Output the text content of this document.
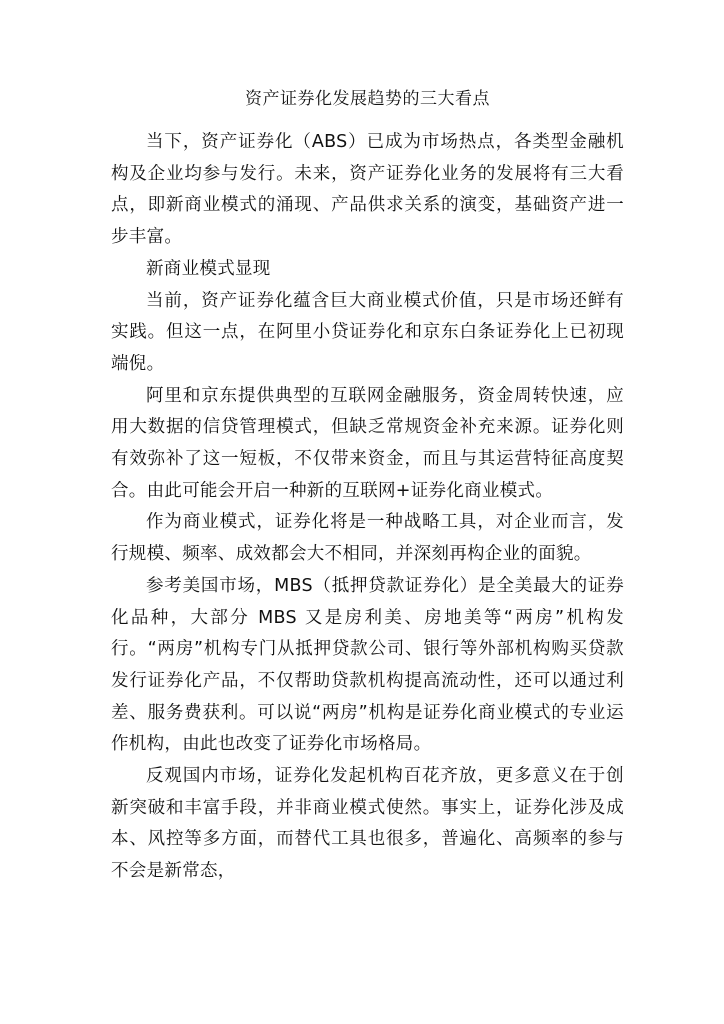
资产证券化发展趋势的三大看点

当下，资产证券化（ABS）已成为市场热点，各类型金融机构及企业均参与发行。未来，资产证券化业务的发展将有三大看点，即新商业模式的涌现、产品供求关系的演变，基础资产进一步丰富。

新商业模式显现

当前，资产证券化蕴含巨大商业模式价值，只是市场还鲜有实践。但这一点，在阿里小贷证券化和京东白条证券化上已初现端倪。

阿里和京东提供典型的互联网金融服务，资金周转快速，应用大数据的信贷管理模式，但缺乏常规资金补充来源。证券化则有效弥补了这一短板，不仅带来资金，而且与其运营特征高度契合。由此可能会开启一种新的互联网+证券化商业模式。

作为商业模式，证券化将是一种战略工具，对企业而言，发行规模、频率、成效都会大不相同，并深刻再构企业的面貌。

参考美国市场，MBS（抵押贷款证券化）是全美最大的证券化品种，大部分 MBS 又是房利美、房地美等“两房”机构发行。“两房”机构专门从抵押贷款公司、银行等外部机构购买贷款发行证券化产品，不仅帮助贷款机构提高流动性，还可以通过利差、服务费获利。可以说“两房”机构是证券化商业模式的专业运作机构，由此也改变了证券化市场格局。

反观国内市场，证券化发起机构百花齐放，更多意义在于创新突破和丰富手段，并非商业模式使然。事实上，证券化涉及成本、风控等多方面，而替代工具也很多，普遍化、高频率的参与不会是新常态，
